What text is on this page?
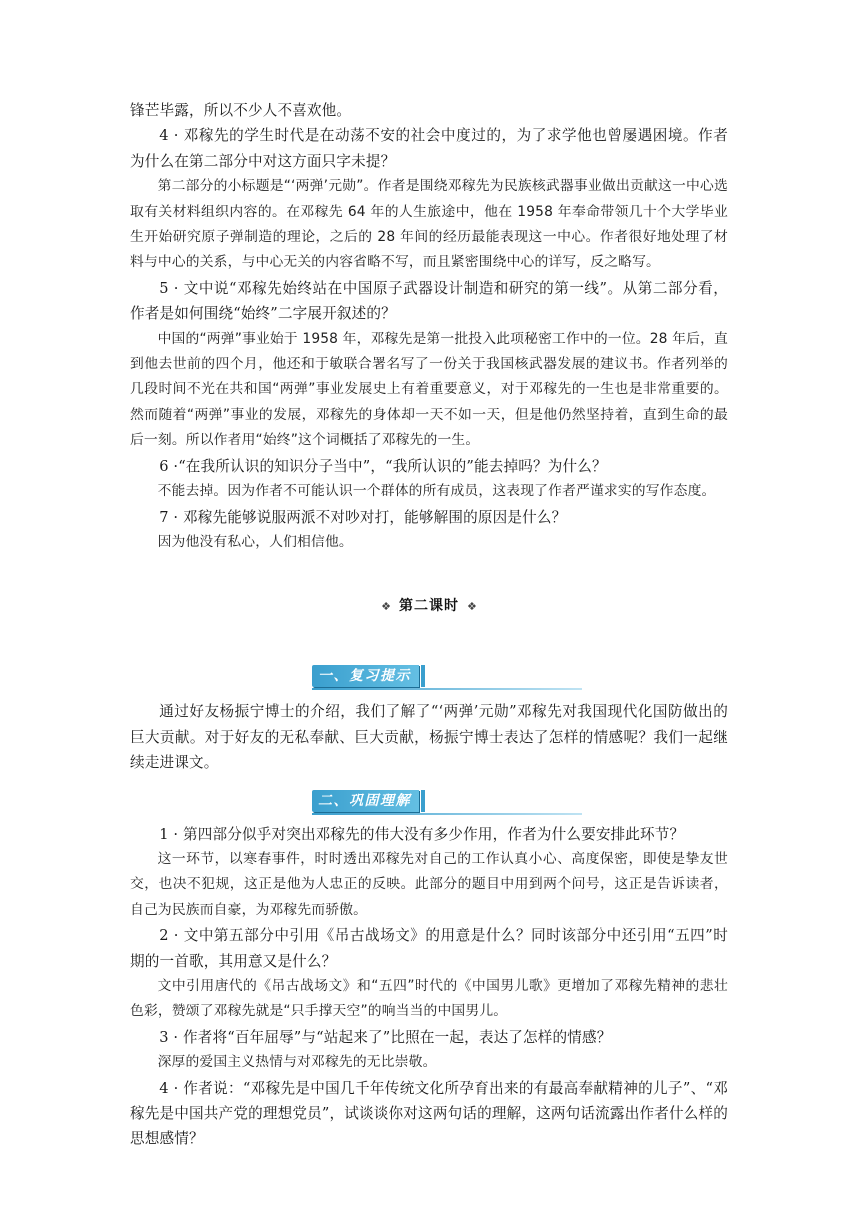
锋芒毕露，所以不少人不喜欢他。

4 · 邓稼先的学生时代是在动荡不安的社会中度过的，为了求学他也曾屡遇困境。作者为什么在第二部分中对这方面只字未提？

第二部分的小标题是“‘两弹’元勋”。作者是围绕邓稼先为民族核武器事业做出贡献这一中心选取有关材料组织内容的。在邓稼先 64 年的人生旅途中，他在 1958 年奉命带领几十个大学毕业生开始研究原子弹制造的理论，之后的 28 年间的经历最能表现这一中心。作者很好地处理了材料与中心的关系，与中心无关的内容省略不写，而且紧密围绕中心的详写，反之略写。

5 · 文中说“邓稼先始终站在中国原子武器设计制造和研究的第一线”。从第二部分看，作者是如何围绕“始终”二字展开叙述的？

中国的“两弹”事业始于 1958 年，邓稼先是第一批投入此项秘密工作中的一位。28 年后，直到他去世前的四个月，他还和于敏联合署名写了一份关于我国核武器发展的建议书。作者列举的几段时间不光在共和国“两弹”事业发展史上有着重要意义，对于邓稼先的一生也是非常重要的。然而随着“两弹”事业的发展，邓稼先的身体却一天不如一天，但是他仍然坚持着，直到生命的最后一刻。所以作者用“始终”这个词概括了邓稼先的一生。

6 ·“在我所认识的知识分子当中”，“我所认识的”能去掉吗？为什么？

不能去掉。因为作者不可能认识一个群体的所有成员，这表现了作者严谨求实的写作态度。

7 · 邓稼先能够说服两派不对吵对打，能够解围的原因是什么？

因为他没有私心，人们相信他。

❖ 第二课时 ❖
一、复习提示

通过好友杨振宁博士的介绍，我们了解了“‘两弹’元勋”邓稼先对我国现代化国防做出的巨大贡献。对于好友的无私奉献、巨大贡献，杨振宁博士表达了怎样的情感呢？我们一起继续走进课文。

二、巩固理解

1 · 第四部分似乎对突出邓稼先的伟大没有多少作用，作者为什么要安排此环节？

这一环节，以寒春事件，时时透出邓稼先对自己的工作认真小心、高度保密，即使是挚友世交，也决不犯规，这正是他为人忠正的反映。此部分的题目中用到两个问号，这正是告诉读者，自己为民族而自豪，为邓稼先而骄傲。

2 · 文中第五部分中引用《吊古战场文》的用意是什么？同时该部分中还引用“五四”时期的一首歌，其用意又是什么？

文中引用唐代的《吊古战场文》和“五四”时代的《中国男儿歌》更增加了邓稼先精神的悲壮色彩，赞颂了邓稼先就是“只手撑天空”的响当当的中国男儿。

3 · 作者将“百年屈辱”与“站起来了”比照在一起，表达了怎样的情感？

深厚的爱国主义热情与对邓稼先的无比崇敬。

4 · 作者说：“邓稼先是中国几千年传统文化所孕育出来的有最高奉献精神的儿子”、“邓稼先是中国共产党的理想党员”，试谈谈你对这两句话的理解，这两句话流露出作者什么样的思想感情？
